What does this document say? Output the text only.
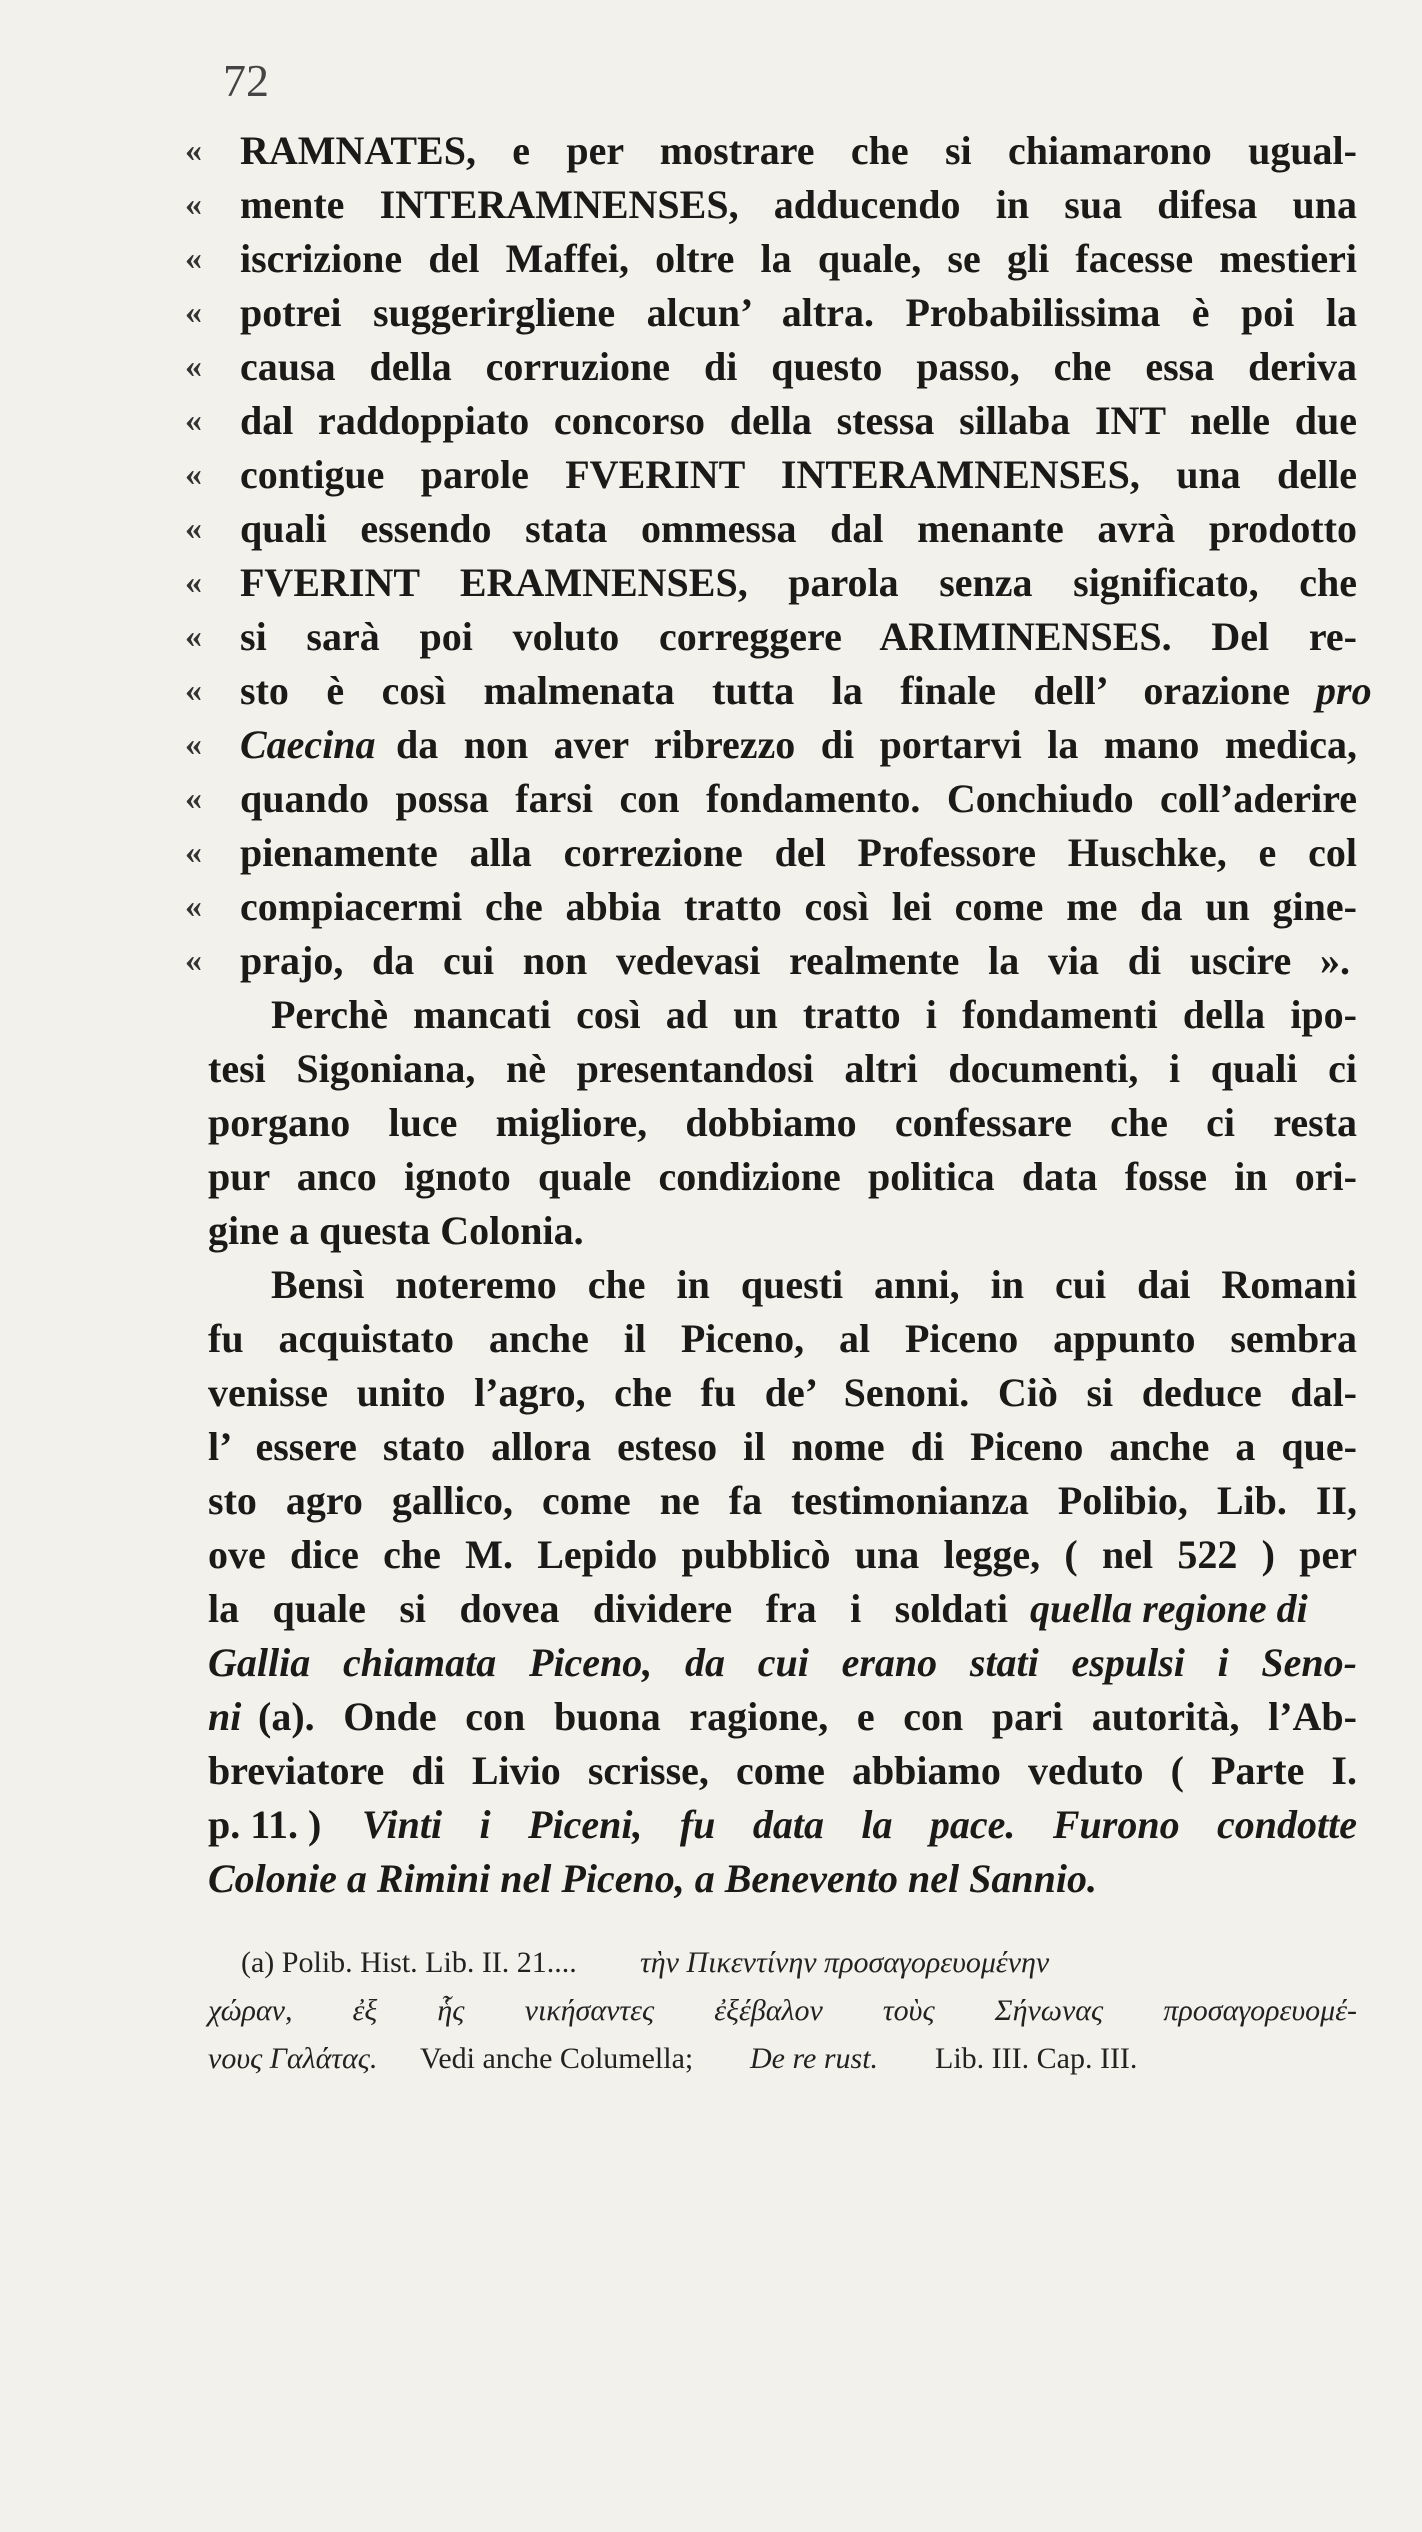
72
« RAMNATES, e per mostrare che si chiamarono ugual-
« mente INTERAMNENSES, adducendo in sua difesa una
« iscrizione del Maffei, oltre la quale, se gli facesse mestieri
« potrei suggerirgliene alcun’ altra. Probabilissima è poi la
« causa della corruzione di questo passo, che essa deriva
« dal raddoppiato concorso della stessa sillaba INT nelle due
« contigue parole FVERINT INTERAMNENSES, una delle
« quali essendo stata ommessa dal menante avrà prodotto
« FVERINT ERAMNENSES, parola senza significato, che
« si sarà poi voluto correggere ARIMINENSES. Del re-
« sto è così malmenata tutta la finale dell’ orazione pro
« Caecina da non aver ribrezzo di portarvi la mano medica,
« quando possa farsi con fondamento. Conchiudo coll’aderire
« pienamente alla correzione del Professore Huschke, e col
« compiacermi che abbia tratto così lei come me da un gine-
« prajo, da cui non vedevasi realmente la via di uscire ».
Perchè mancati così ad un tratto i fondamenti della ipo-
tesi Sigoniana, nè presentandosi altri documenti, i quali ci
porgano luce migliore, dobbiamo confessare che ci resta
pur anco ignoto quale condizione politica data fosse in ori-
gine a questa Colonia.
Bensì noteremo che in questi anni, in cui dai Romani
fu acquistato anche il Piceno, al Piceno appunto sembra
venisse unito l’agro, che fu de’ Senoni. Ciò si deduce dal-
l’ essere stato allora esteso il nome di Piceno anche a que-
sto agro gallico, come ne fa testimonianza Polibio, Lib. II,
ove dice che M. Lepido pubblicò una legge, ( nel 522 ) per
la quale si dovea dividere fra i soldati quella regione di
Gallia chiamata Piceno, da cui erano stati espulsi i Seno-
ni (a). Onde con buona ragione, e con pari autorità, l’Ab-
breviatore di Livio scrisse, come abbiamo veduto ( Parte I.
p. 11. ) Vinti i Piceni, fu data la pace. Furono condotte
Colonie a Rimini nel Piceno, a Benevento nel Sannio.
(a) Polib. Hist. Lib. II. 21.... τὴν Πικεντίνην προσαγορευομένην
χώραν, ἐξ ἧς νικήσαντες ἐξέβαλον τοὺς Σήνωνας προσαγορευομέ-
νους Γαλάτας. Vedi anche Columella; De re rust. Lib. III. Cap. III.
